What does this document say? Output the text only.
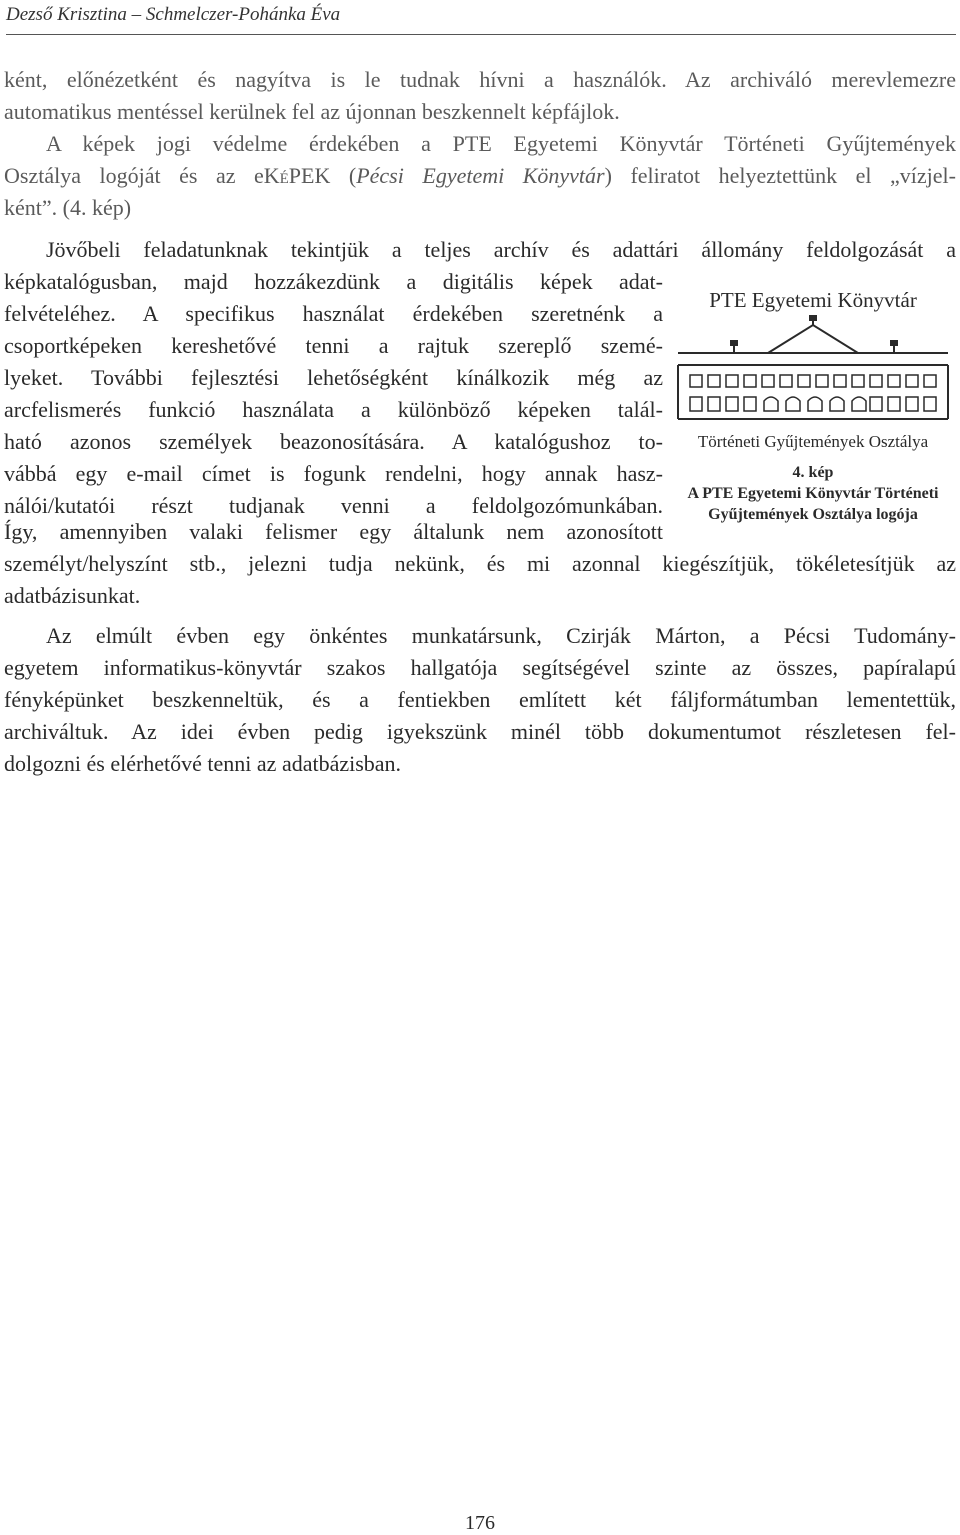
Dezső Krisztina – Schmelczer-Pohánka Éva
ként, előnézetként és nagyítva is le tudnak hívni a használók. Az archiváló merevlemezre
automatikus mentéssel kerülnek fel az újonnan beszkennelt képfájlok.
A képek jogi védelme érdekében a PTE Egyetemi Könyvtár Történeti Gyűjtemények
Osztálya logóját és az eKéPEK (Pécsi Egyetemi Könyvtár) feliratot helyeztettünk el „vízjel-
ként”. (4. kép)
Jövőbeli feladatunknak tekintjük a teljes archív és adattári állomány feldolgozását a
képkatalógusban, majd hozzákezdünk a digitális képek adat-
felvételéhez. A specifikus használat érdekében szeretnénk a
csoportképeken kereshetővé tenni a rajtuk szereplő szemé-
lyeket. További fejlesztési lehetőségként kínálkozik még az
arcfelismerés funkció használata a különböző képeken talál-
ható azonos személyek beazonosítására. A katalógushoz to-
vábbá egy e-mail címet is fogunk rendelni, hogy annak hasz-
nálói/kutatói részt tudjanak venni a feldolgozómunkában.
Így, amennyiben valaki felismer egy általunk nem azonosított
személyt/helyszínt stb., jelezni tudja nekünk, és mi azonnal kiegészítjük, tökéletesítjük az
adatbázisunkat.
Az elmúlt évben egy önkéntes munkatársunk, Czirják Márton, a Pécsi Tudomány-
egyetem informatikus-könyvtár szakos hallgatója segítségével szinte az összes, papíralapú
fényképünket beszkenneltük, és a fentiekben említett két fáljformátumban lementettük,
archiváltuk. Az idei évben pedig igyekszünk minél több dokumentumot részletesen fel-
dolgozni és elérhetővé tenni az adatbázisban.
PTE Egyetemi Könyvtár
Történeti Gyűjtemények Osztálya
4. kép
A PTE Egyetemi Könyvtár Történeti
Gyűjtemények Osztálya logója
176
